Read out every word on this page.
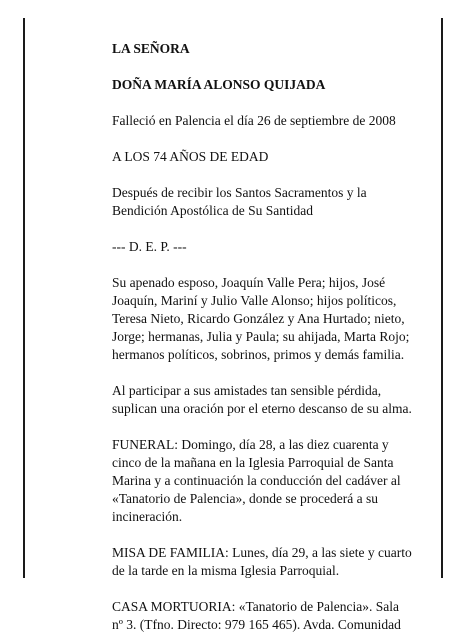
LA SEÑORA

DOÑA MARÍA ALONSO QUIJADA

Falleció en Palencia el día 26 de septiembre de 2008

A LOS 74 AÑOS DE EDAD

Después de recibir los Santos Sacramentos y la Bendición Apostólica de Su Santidad

--- D. E. P. ---

Su apenado esposo, Joaquín Valle Pera; hijos, José Joaquín, Mariní y Julio Valle Alonso; hijos políticos, Teresa Nieto, Ricardo González y Ana Hurtado; nieto, Jorge; hermanas, Julia y Paula; su ahijada, Marta Rojo; hermanos políticos, sobrinos, primos y demás familia.

Al participar a sus amistades tan sensible pérdida, suplican una oración por el eterno descanso de su alma.

FUNERAL: Domingo, día 28, a las diez cuarenta y cinco de la mañana en la Iglesia Parroquial de Santa Marina y a continuación la conducción del cadáver al «Tanatorio de Palencia», donde se procederá a su incineración.

MISA DE FAMILIA: Lunes, día 29, a las siete y cuarto de la tarde en la misma Iglesia Parroquial.

CASA MORTUORIA: «Tanatorio de Palencia». Sala nº 3. (Tfno. Directo: 979 165 465). Avda. Comunidad
